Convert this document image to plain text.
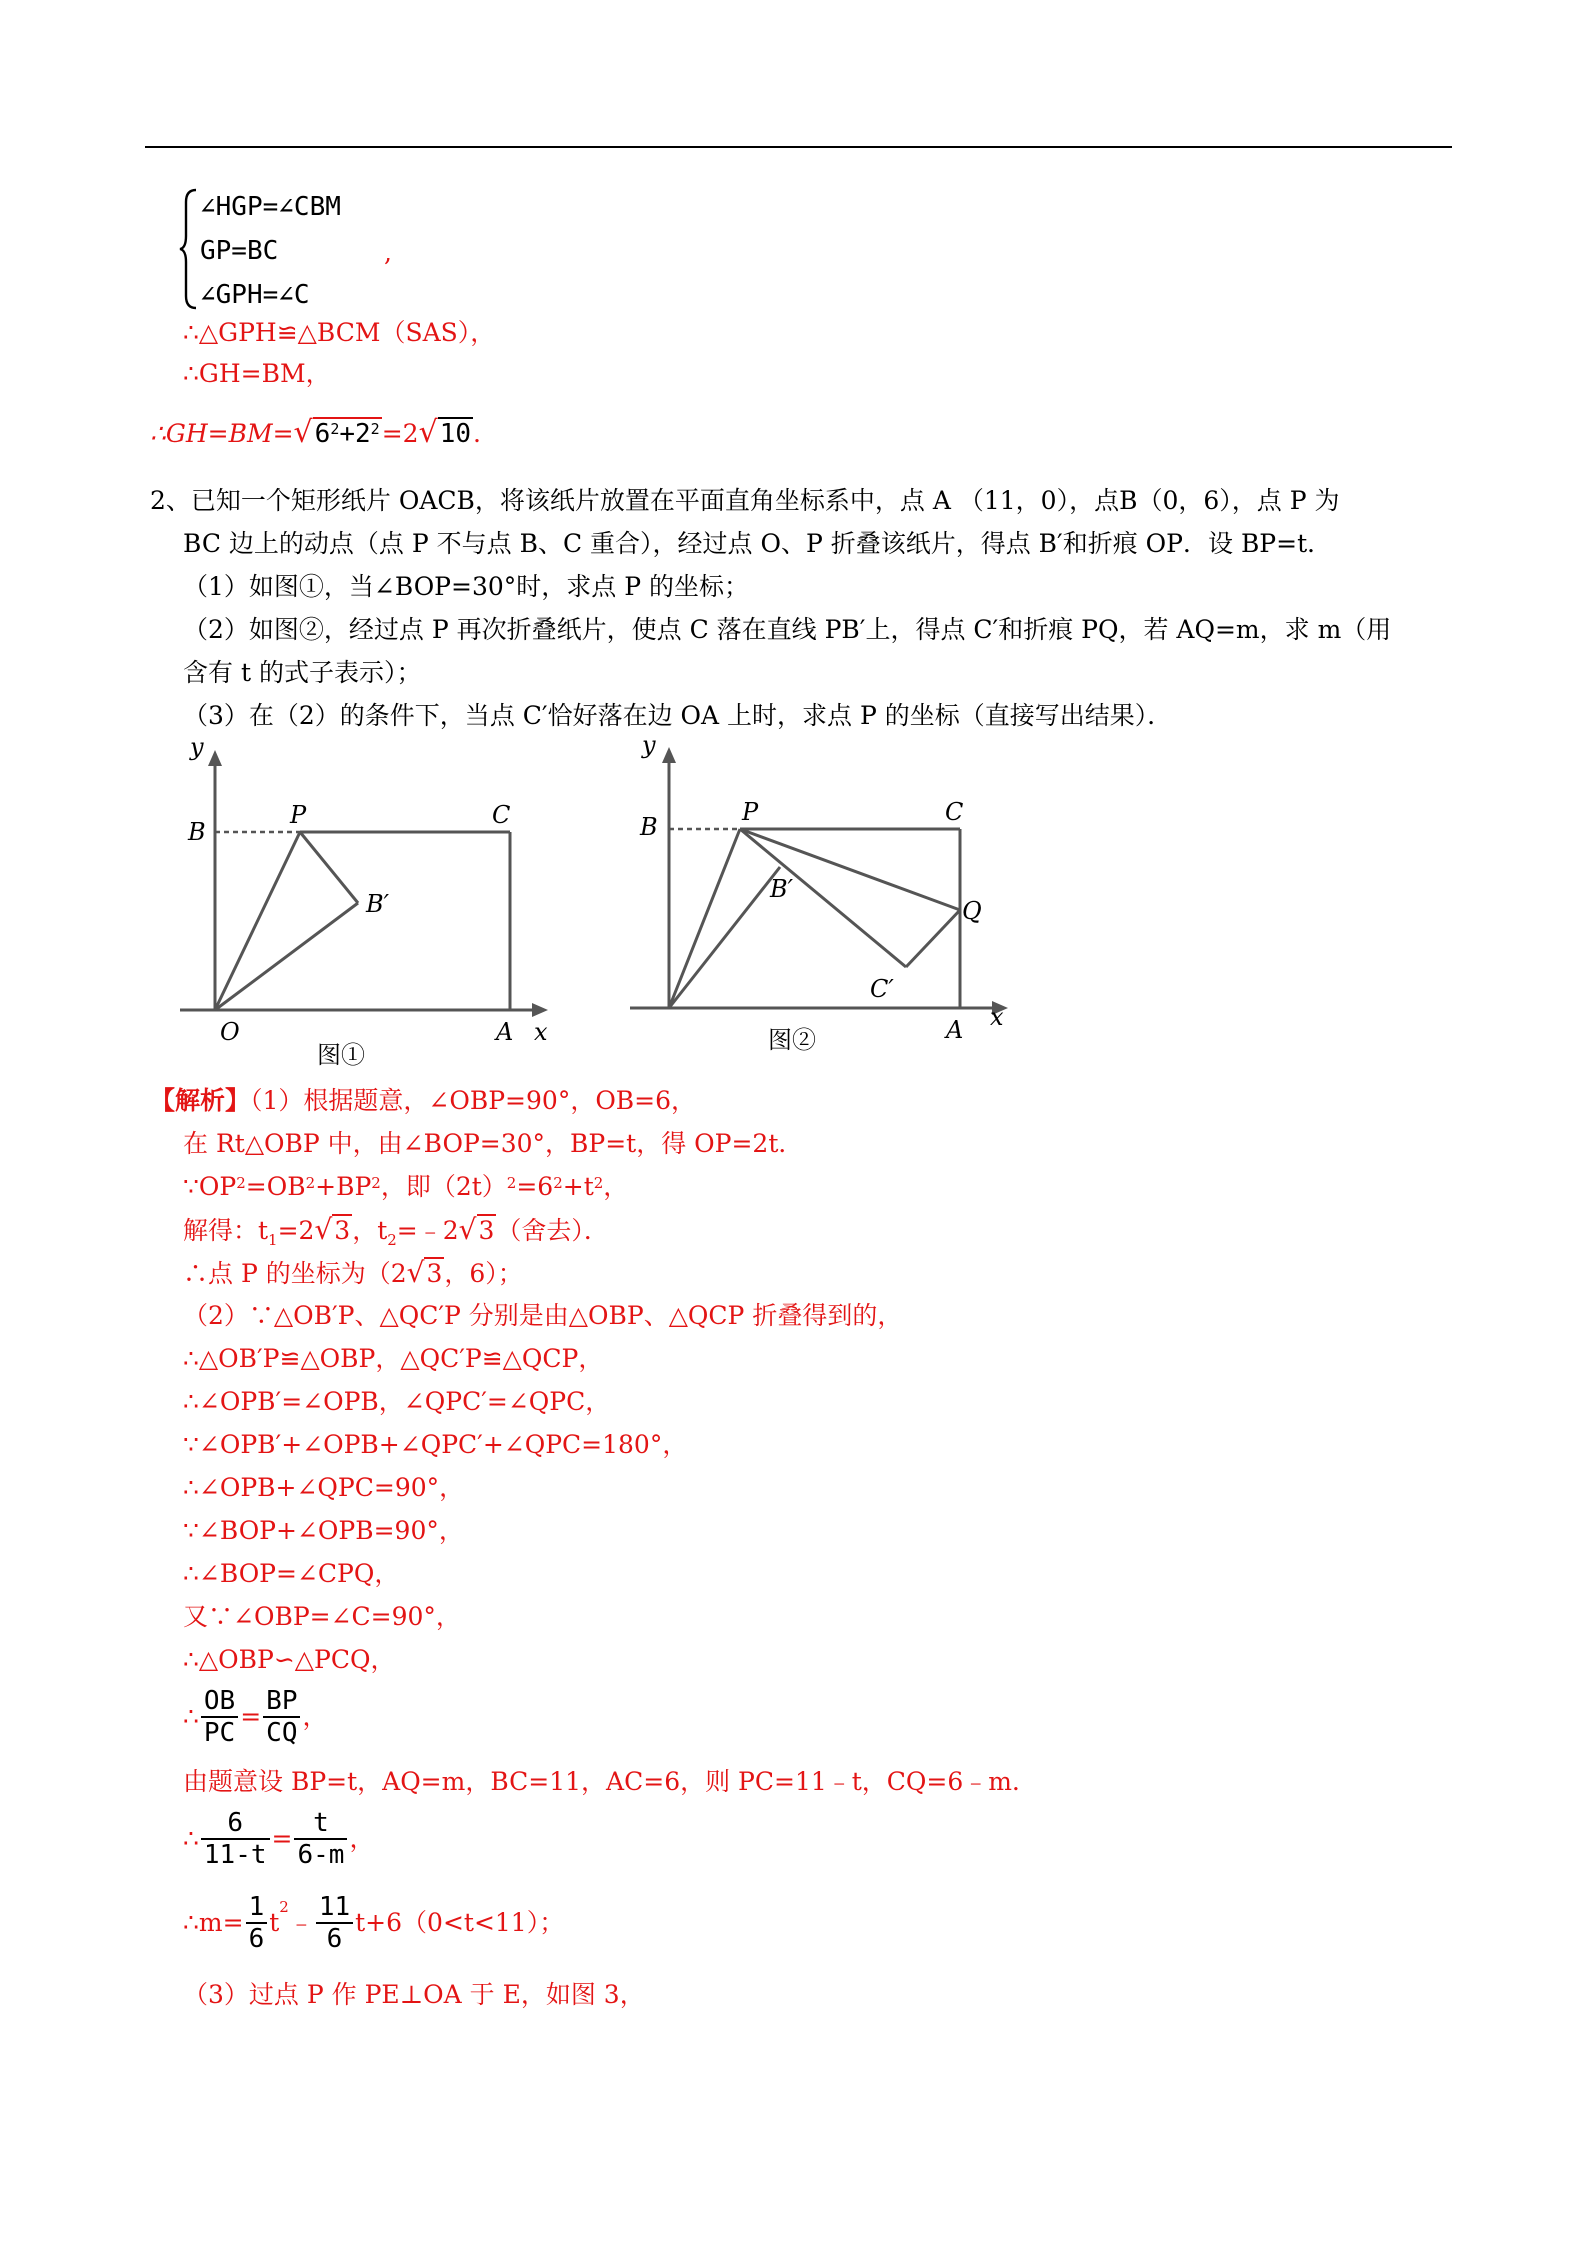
∠HGP=∠CBM
GP=BC	,
∠GPH=∠C
∴△GPH≌△BCM（SAS），
∴GH=BM，
$\therefore GH=BM=√6^2+2^2=2√10$.
2、已知一个矩形纸片 OACB，将该纸片放置在平面直角坐标系中，点 A （11，0），点B（0，6），点 P 为
BC 边上的动点（点 P 不与点 B、C 重合），经过点 O、P 折叠该纸片，得点 B′和折痕 OP．设 BP=t．
（1）如图①，当∠BOP=30°时，求点 P 的坐标；
（2）如图②，经过点 P 再次折叠纸片，使点 C 落在直线 PB′上，得点 C′和折痕 PQ，若 AQ=m，求 m（用
含有 t 的式子表示）；
（3）在（2）的条件下，当点 C′恰好落在边 OA 上时，求点 P 的坐标（直接写出结果）．
y
B
P	C
B′
O	A x
图①
y
B
P	C
B′
Q
C′
A x
图②
【解析】（1）根据题意，∠OBP=90°，OB=6，
在 Rt△OBP 中，由∠BOP=30°，BP=t，得 OP=2t．
$\because OP^2=OB^2+BP^2$，即$(2t)^2=6^2+t^2$，
解得：$t_1=2√3$，$t_2=﹣2√3$（舍去）．
∴点 P 的坐标为（2√3，6）；
（2）∵△OB′P、△QC′P 分别是由△OBP、△QCP 折叠得到的，
∴△OB′P≌△OBP，△QC′P≌△QCP，
∴∠OPB′=∠OPB，∠QPC′=∠QPC，
∵∠OPB′+∠OPB+∠QPC′+∠QPC=180°，
∴∠OPB+∠QPC=90°，
∵∠BOP+∠OPB=90°，
∴∠BOP=∠CPQ，
又∵∠OBP=∠C=90°，
∴△OBP∽△PCQ，
∴ $\frac{OB}{PC} = \frac{BP}{CQ}$ ，
由题意设 BP=t，AQ=m，BC=11，AC=6，则 PC=11﹣t，CQ=6﹣m．
∴ $\frac{6}{11-t} = \frac{t}{6-m}$ ，
∴m= $\frac{1}{6}$ $t^2﹣ \frac{11}{6} t+6(0<t<11)$；
（3）过点 P 作 PE⊥OA 于 E，如图 3，
